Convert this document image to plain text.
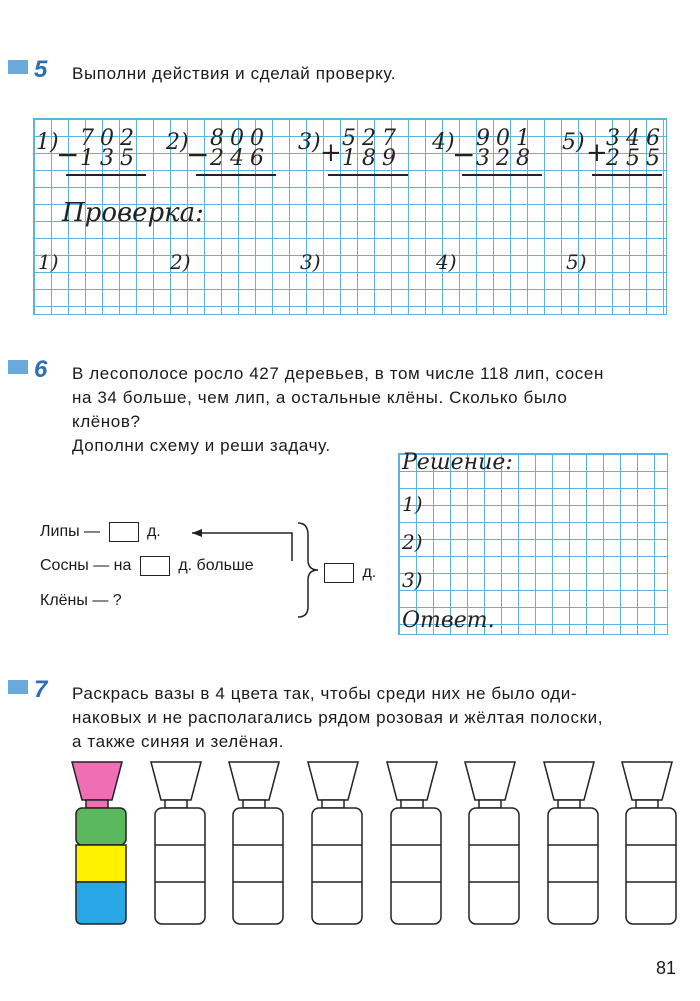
5 Выполни действия и сделай проверку.
1)
− 702
135
2)
− 800
246
3) + 527
189
4)
− 901
328
5) +
346
255
Проверка:
1)	2)	3)	4)	5)
6 В лесополосе росло 427 деревьев, в том числе 118 лип, сосен
на 34 больше, чем лип, а остальные клёны. Сколько было
клёнов?
Дополни схему и реши задачу.
Липы —	д.
Сосны — на	д. больше
Клёны — ?
д.
Решение:
1)
2)
3)
Ответ.
7 Раскрась вазы в 4 цвета так, чтобы среди них не было оди-
наковых и не располагались рядом розовая и жёлтая полоски,
а также синяя и зелёная.
81
